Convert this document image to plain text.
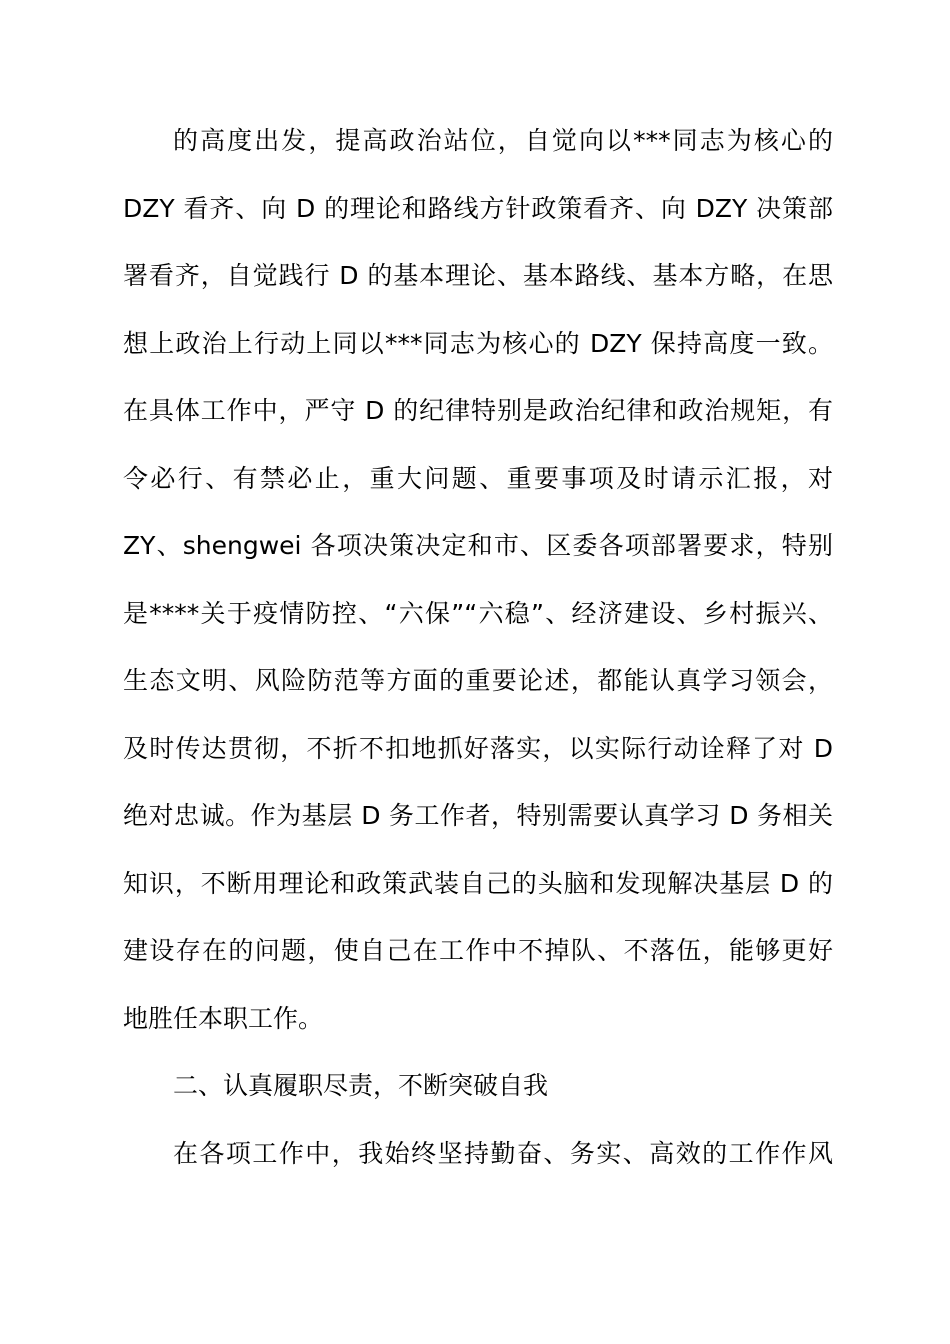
的高度出发，提高政治站位，自觉向以***同志为核心的
DZY 看齐、向 D 的理论和路线方针政策看齐、向 DZY 决策部
署看齐，自觉践行 D 的基本理论、基本路线、基本方略，在思
想上政治上行动上同以***同志为核心的 DZY 保持高度一致。
在具体工作中，严守 D 的纪律特别是政治纪律和政治规矩，有
令必行、有禁必止，重大问题、重要事项及时请示汇报，对
ZY、shengwei 各项决策决定和市、区委各项部署要求，特别
是****关于疫情防控、“六保”“六稳”、经济建设、乡村振兴、
生态文明、风险防范等方面的重要论述，都能认真学习领会，
及时传达贯彻，不折不扣地抓好落实，以实际行动诠释了对 D
绝对忠诚。作为基层 D 务工作者，特别需要认真学习 D 务相关
知识，不断用理论和政策武装自己的头脑和发现解决基层 D 的
建设存在的问题，使自己在工作中不掉队、不落伍，能够更好
地胜任本职工作。
二、认真履职尽责，不断突破自我
在各项工作中，我始终坚持勤奋、务实、高效的工作作风
